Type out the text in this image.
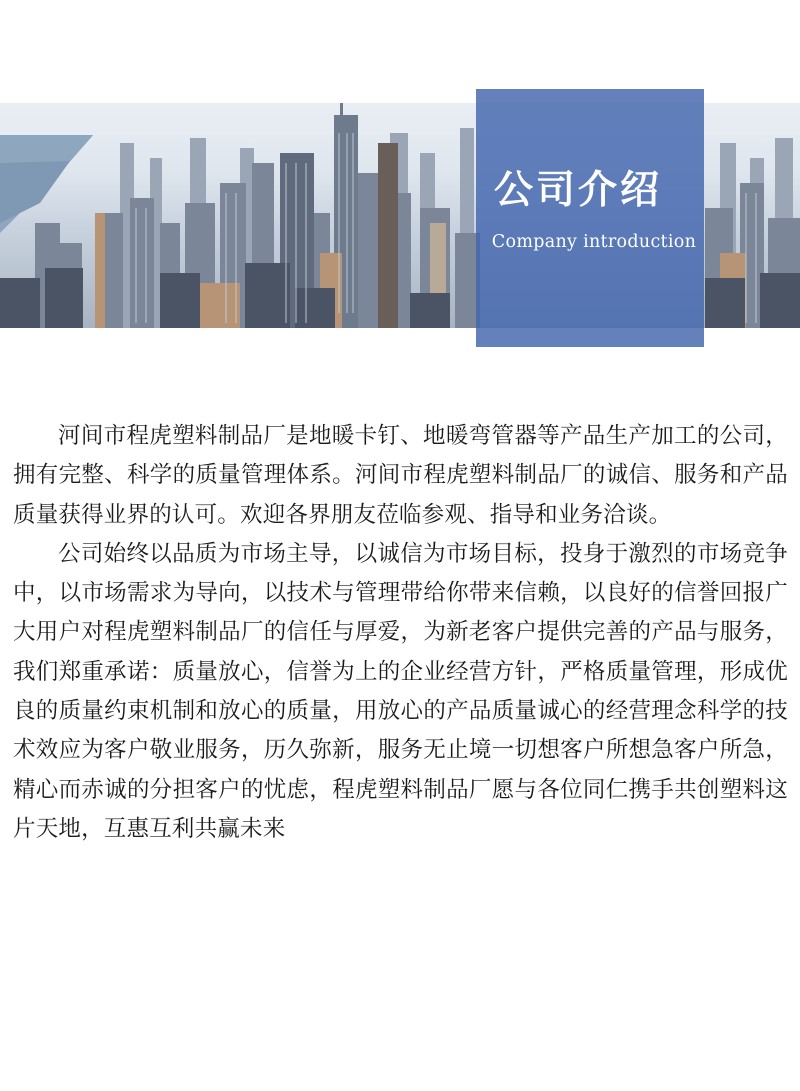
公司介绍
Company introduction

河间市程虎塑料制品厂是地暖卡钉、地暖弯管器等产品生产加工的公司，拥有完整、科学的质量管理体系。河间市程虎塑料制品厂的诚信、服务和产品质量获得业界的认可。欢迎各界朋友莅临参观、指导和业务洽谈。

公司始终以品质为市场主导，以诚信为市场目标，投身于激烈的市场竞争中，以市场需求为导向，以技术与管理带给你带来信赖，以良好的信誉回报广大用户对程虎塑料制品厂的信任与厚爱，为新老客户提供完善的产品与服务，我们郑重承诺：质量放心，信誉为上的企业经营方针，严格质量管理，形成优良的质量约束机制和放心的质量，用放心的产品质量诚心的经营理念科学的技术效应为客户敬业服务，历久弥新，服务无止境一切想客户所想急客户所急，精心而赤诚的分担客户的忧虑，程虎塑料制品厂愿与各位同仁携手共创塑料这片天地，互惠互利共赢未来
